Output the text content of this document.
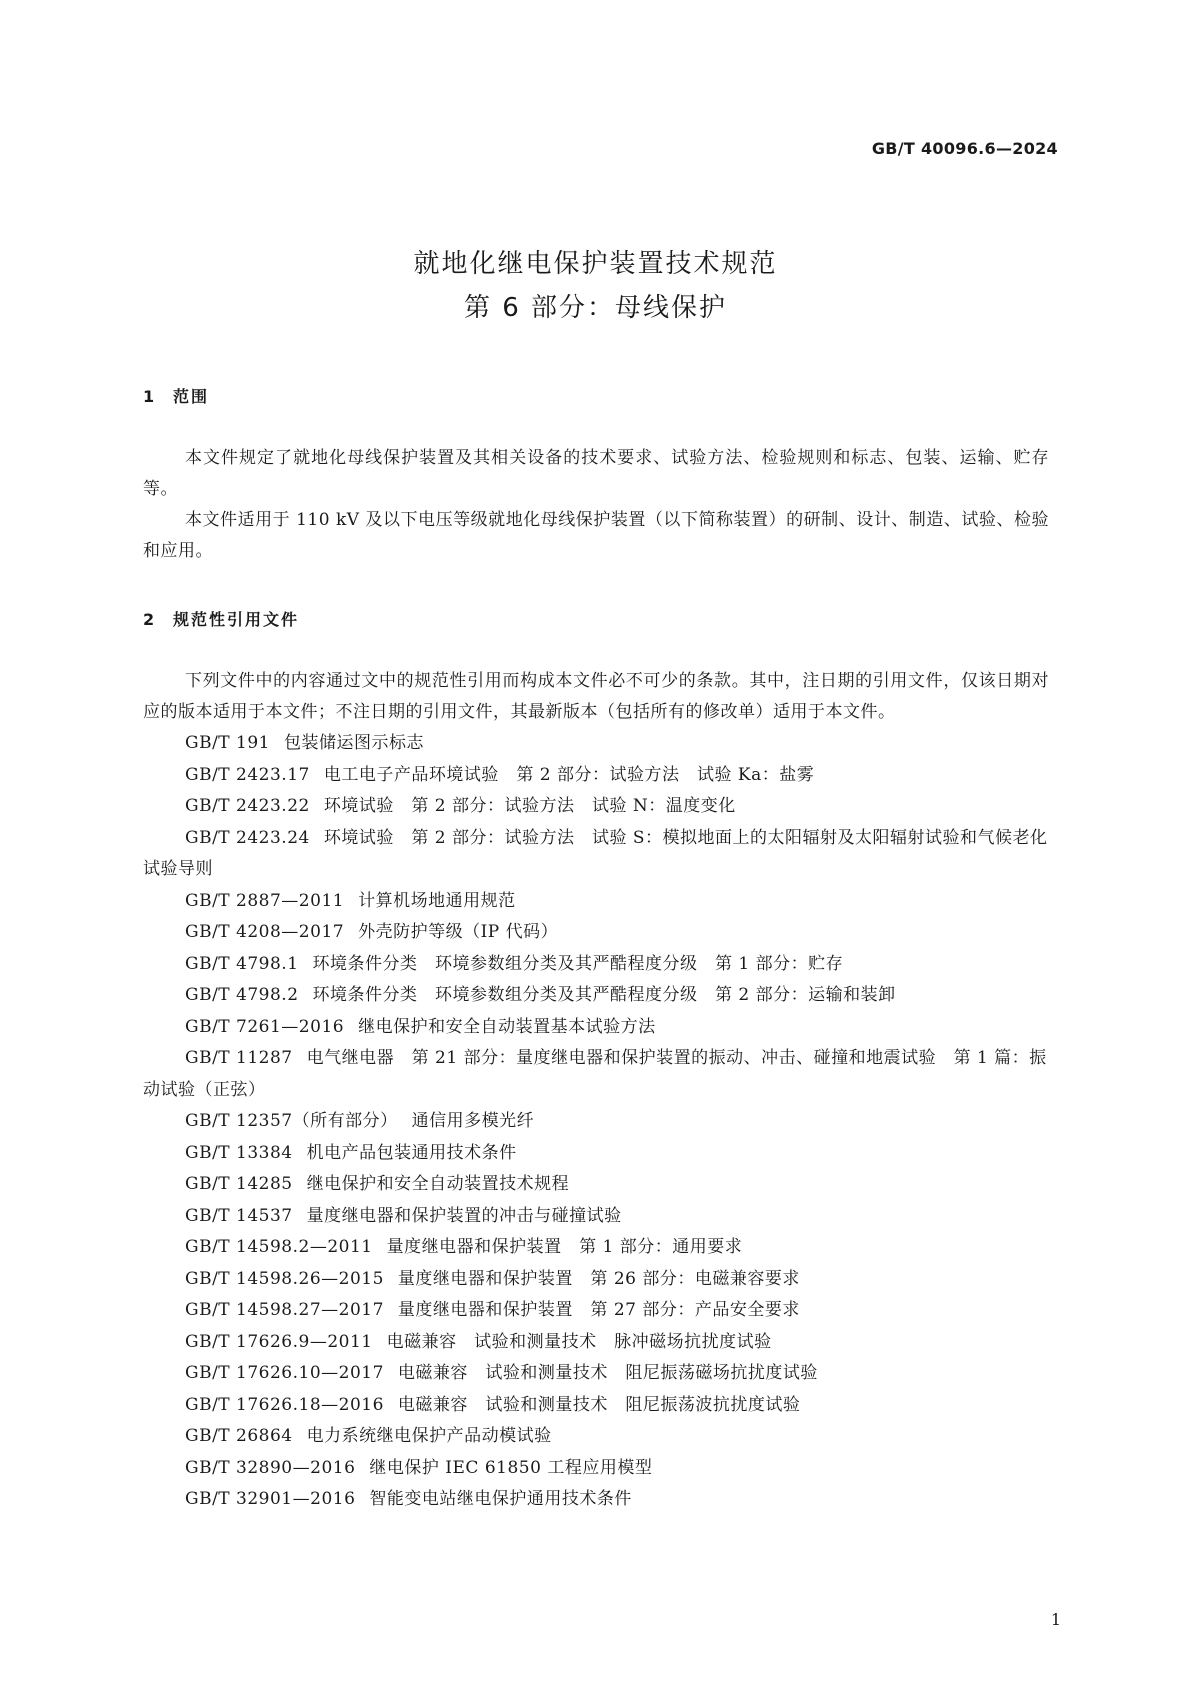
GB/T 40096.6—2024
就地化继电保护装置技术规范
第 6 部分：母线保护
1 范围

本文件规定了就地化母线保护装置及其相关设备的技术要求、试验方法、检验规则和标志、包装、运输、贮存等。

本文件适用于 110 kV 及以下电压等级就地化母线保护装置（以下简称装置）的研制、设计、制造、试验、检验和应用。

2 规范性引用文件

下列文件中的内容通过文中的规范性引用而构成本文件必不可少的条款。其中，注日期的引用文件，仅该日期对应的版本适用于本文件；不注日期的引用文件，其最新版本（包括所有的修改单）适用于本文件。

GB/T 191 包装储运图示标志

GB/T 2423.17 电工电子产品环境试验　第 2 部分：试验方法　试验 Ka：盐雾

GB/T 2423.22 环境试验　第 2 部分：试验方法　试验 N：温度变化

GB/T 2423.24 环境试验　第 2 部分：试验方法　试验 S：模拟地面上的太阳辐射及太阳辐射试验和气候老化试验导则

GB/T 2887—2011 计算机场地通用规范

GB/T 4208—2017 外壳防护等级（IP 代码）

GB/T 4798.1 环境条件分类　环境参数组分类及其严酷程度分级　第 1 部分：贮存

GB/T 4798.2 环境条件分类　环境参数组分类及其严酷程度分级　第 2 部分：运输和装卸

GB/T 7261—2016 继电保护和安全自动装置基本试验方法

GB/T 11287 电气继电器　第 21 部分：量度继电器和保护装置的振动、冲击、碰撞和地震试验　第 1 篇：振动试验（正弦）

GB/T 12357（所有部分） 通信用多模光纤

GB/T 13384 机电产品包装通用技术条件

GB/T 14285 继电保护和安全自动装置技术规程

GB/T 14537 量度继电器和保护装置的冲击与碰撞试验

GB/T 14598.2—2011 量度继电器和保护装置　第 1 部分：通用要求

GB/T 14598.26—2015 量度继电器和保护装置　第 26 部分：电磁兼容要求

GB/T 14598.27—2017 量度继电器和保护装置　第 27 部分：产品安全要求

GB/T 17626.9—2011 电磁兼容　试验和测量技术　脉冲磁场抗扰度试验

GB/T 17626.10—2017 电磁兼容　试验和测量技术　阻尼振荡磁场抗扰度试验

GB/T 17626.18—2016 电磁兼容　试验和测量技术　阻尼振荡波抗扰度试验

GB/T 26864 电力系统继电保护产品动模试验

GB/T 32890—2016 继电保护 IEC 61850 工程应用模型

GB/T 32901—2016 智能变电站继电保护通用技术条件

1
